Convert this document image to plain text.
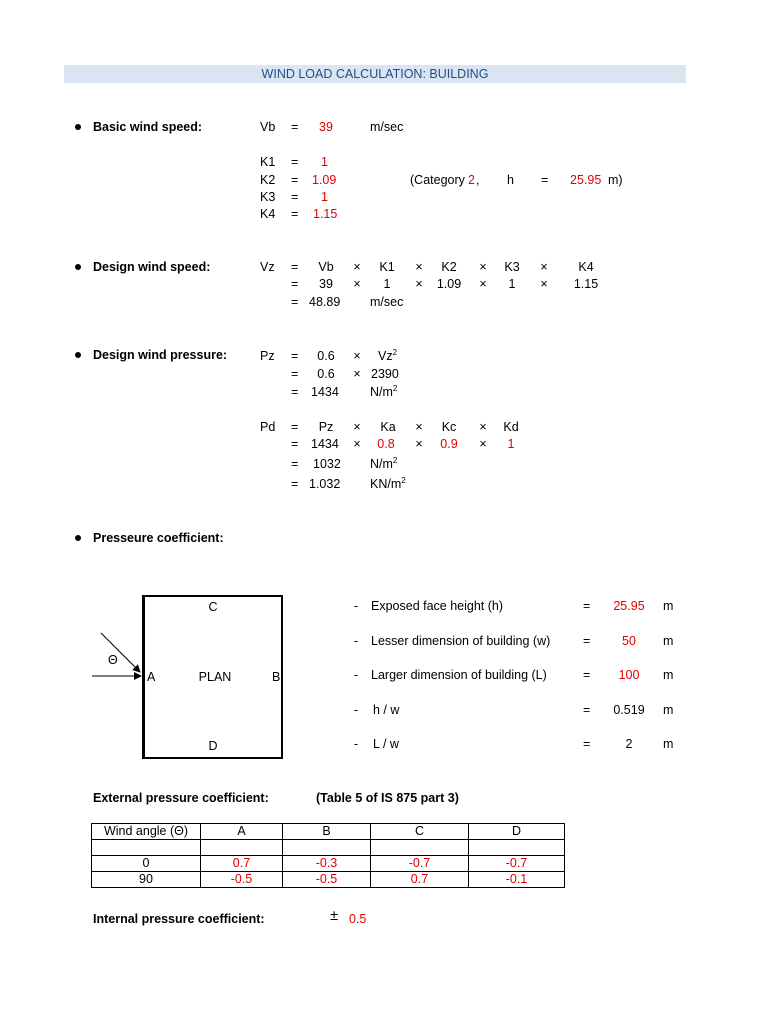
WIND LOAD CALCULATION: BUILDING
Basic wind speed:	Vb = 39	m/sec
K1 = 1
K2 = 1.09	(Category 2 , h = 25.95 m)
K3 = 1
K4 = 1.15
Design wind speed:	Vz = Vb × K1 × K2 × K3 × K4
= 39 × 1 × 1.09 × 1 × 1.15
= 48.89 m/sec
Design wind pressure:	$Pz = 0.6 \times Vz^2$
= 0.6 × 2390
= 1434 $N/m^2$
Pd = Pz × Ka × Kc × Kd
= 1434 × 0.8 × 0.9 × 1
= 1032 $N/m^2$
= 1.032 $KN/m^2$
Presseure coefficient:
C
A	PLAN	B
D
Θ
- Exposed face height (h)	= 25.95 m
- Lesser dimension of building (w)	=	50 m
- Larger dimension of building (L)	= 100 m
- h / w	= 0.519 m
- L / w	=	2 m
External pressure coefficient:	(Table 5 of IS 875 part 3)
Wind angle (Θ)	A	B	C	D

0	0.7	-0.3	-0.7	-0.7
90	-0.5	-0.5	0.7	-0.1
Internal pressure coefficient:	± 0.5
